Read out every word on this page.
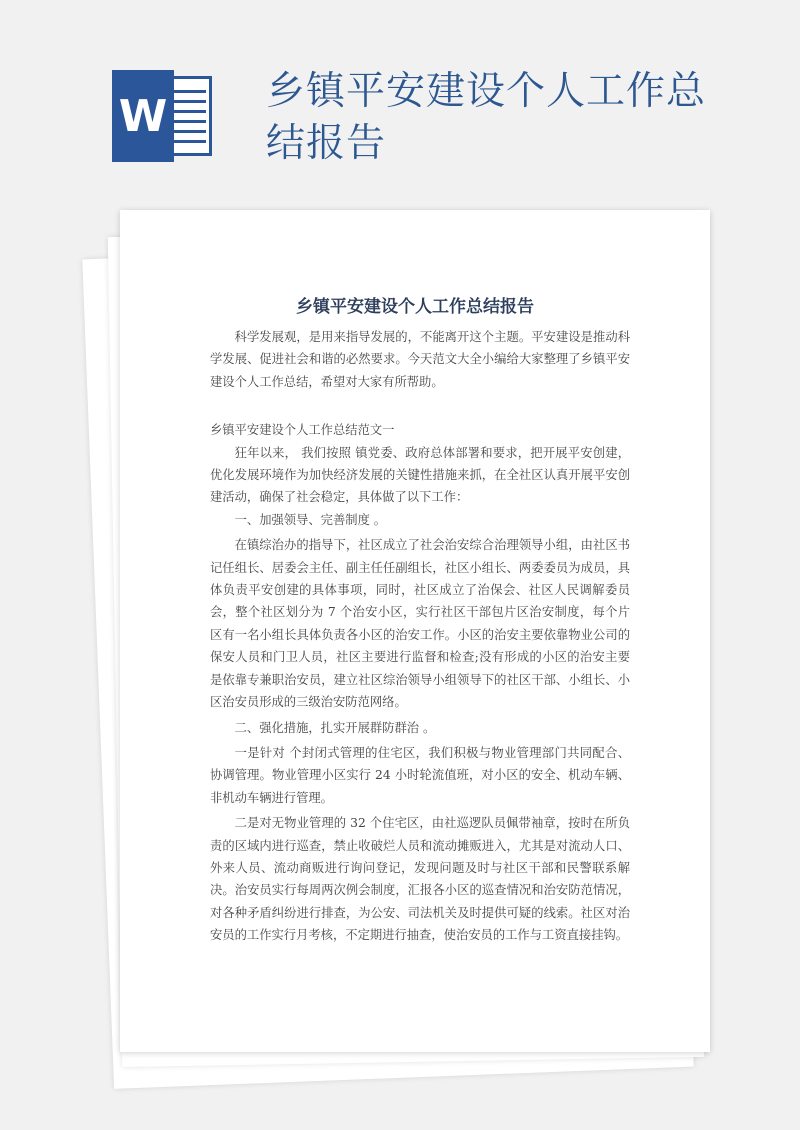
W	乡镇平安建设个人工作总结报告
乡镇平安建设个人工作总结报告

科学发展观，是用来指导发展的，不能离开这个主题。平安建设是推动科学发展、促进社会和谐的必然要求。今天范文大全小编给大家整理了乡镇平安建设个人工作总结，希望对大家有所帮助。

乡镇平安建设个人工作总结范文一

狂年以来， 我们按照 镇党委、政府总体部署和要求，把开展平安创建，优化发展环境作为加快经济发展的关键性措施来抓，在全社区认真开展平安创建活动，确保了社会稳定，具体做了以下工作：

一、加强领导、完善制度 。

在镇综治办的指导下，社区成立了社会治安综合治理领导小组，由社区书记任组长、居委会主任、副主任任副组长，社区小组长、两委委员为成员，具体负责平安创建的具体事项，同时，社区成立了治保会、社区人民调解委员会，整个社区划分为 7 个治安小区，实行社区干部包片区治安制度，每个片区有一名小组长具体负责各小区的治安工作。小区的治安主要依靠物业公司的保安人员和门卫人员，社区主要进行监督和检查;没有形成的小区的治安主要是依靠专兼职治安员，建立社区综治领导小组领导下的社区干部、小组长、小区治安员形成的三级治安防范网络。

二、强化措施，扎实开展群防群治 。

一是针对 个封闭式管理的住宅区，我们积极与物业管理部门共同配合、协调管理。物业管理小区实行 24 小时轮流值班，对小区的安全、机动车辆、非机动车辆进行管理。

二是对无物业管理的 32 个住宅区，由社巡逻队员佩带袖章，按时在所负责的区域内进行巡查，禁止收破烂人员和流动摊贩进入，尤其是对流动人口、外来人员、流动商贩进行询问登记，发现问题及时与社区干部和民警联系解决。治安员实行每周两次例会制度，汇报各小区的巡查情况和治安防范情况，对各种矛盾纠纷进行排查，为公安、司法机关及时提供可疑的线索。社区对治安员的工作实行月考核，不定期进行抽查，使治安员的工作与工资直接挂钩。
